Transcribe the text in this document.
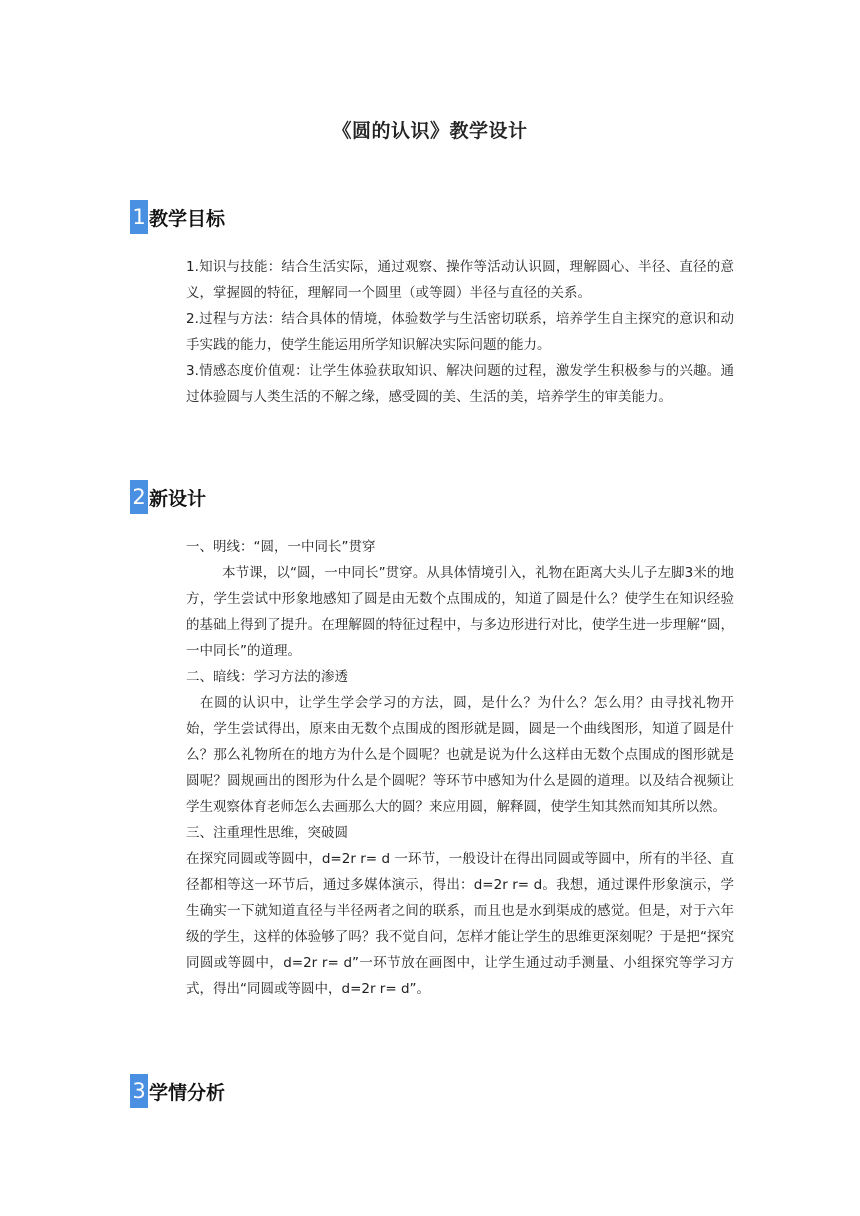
《圆的认识》教学设计
1 教学目标

1.知识与技能：结合生活实际，通过观察、操作等活动认识圆，理解圆心、半径、直径的意义，掌握圆的特征，理解同一个圆里（或等圆）半径与直径的关系。

2.过程与方法：结合具体的情境，体验数学与生活密切联系，培养学生自主探究的意识和动手实践的能力，使学生能运用所学知识解决实际问题的能力。

3.情感态度价值观：让学生体验获取知识、解决问题的过程，激发学生积极参与的兴趣。通过体验圆与人类生活的不解之缘，感受圆的美、生活的美，培养学生的审美能力。

2 新设计

一、明线：“圆，一中同长”贯穿

本节课，以“圆，一中同长”贯穿。从具体情境引入，礼物在距离大头儿子左脚3米的地方，学生尝试中形象地感知了圆是由无数个点围成的，知道了圆是什么？使学生在知识经验的基础上得到了提升。在理解圆的特征过程中，与多边形进行对比，使学生进一步理解“圆，一中同长”的道理。

二、暗线：学习方法的渗透

在圆的认识中，让学生学会学习的方法，圆，是什么？为什么？怎么用？由寻找礼物开始，学生尝试得出，原来由无数个点围成的图形就是圆，圆是一个曲线图形，知道了圆是什么？那么礼物所在的地方为什么是个圆呢？也就是说为什么这样由无数个点围成的图形就是圆呢？圆规画出的图形为什么是个圆呢？等环节中感知为什么是圆的道理。以及结合视频让学生观察体育老师怎么去画那么大的圆？来应用圆，解释圆，使学生知其然而知其所以然。

三、注重理性思维，突破圆

在探究同圆或等圆中，d=2r r= d 一环节，一般设计在得出同圆或等圆中，所有的半径、直径都相等这一环节后，通过多媒体演示，得出：d=2r r= d。我想，通过课件形象演示，学生确实一下就知道直径与半径两者之间的联系，而且也是水到渠成的感觉。但是，对于六年级的学生，这样的体验够了吗？我不觉自问，怎样才能让学生的思维更深刻呢？于是把“探究同圆或等圆中，d=2r r= d”一环节放在画图中，让学生通过动手测量、小组探究等学习方式，得出“同圆或等圆中，d=2r r= d”。

3 学情分析
